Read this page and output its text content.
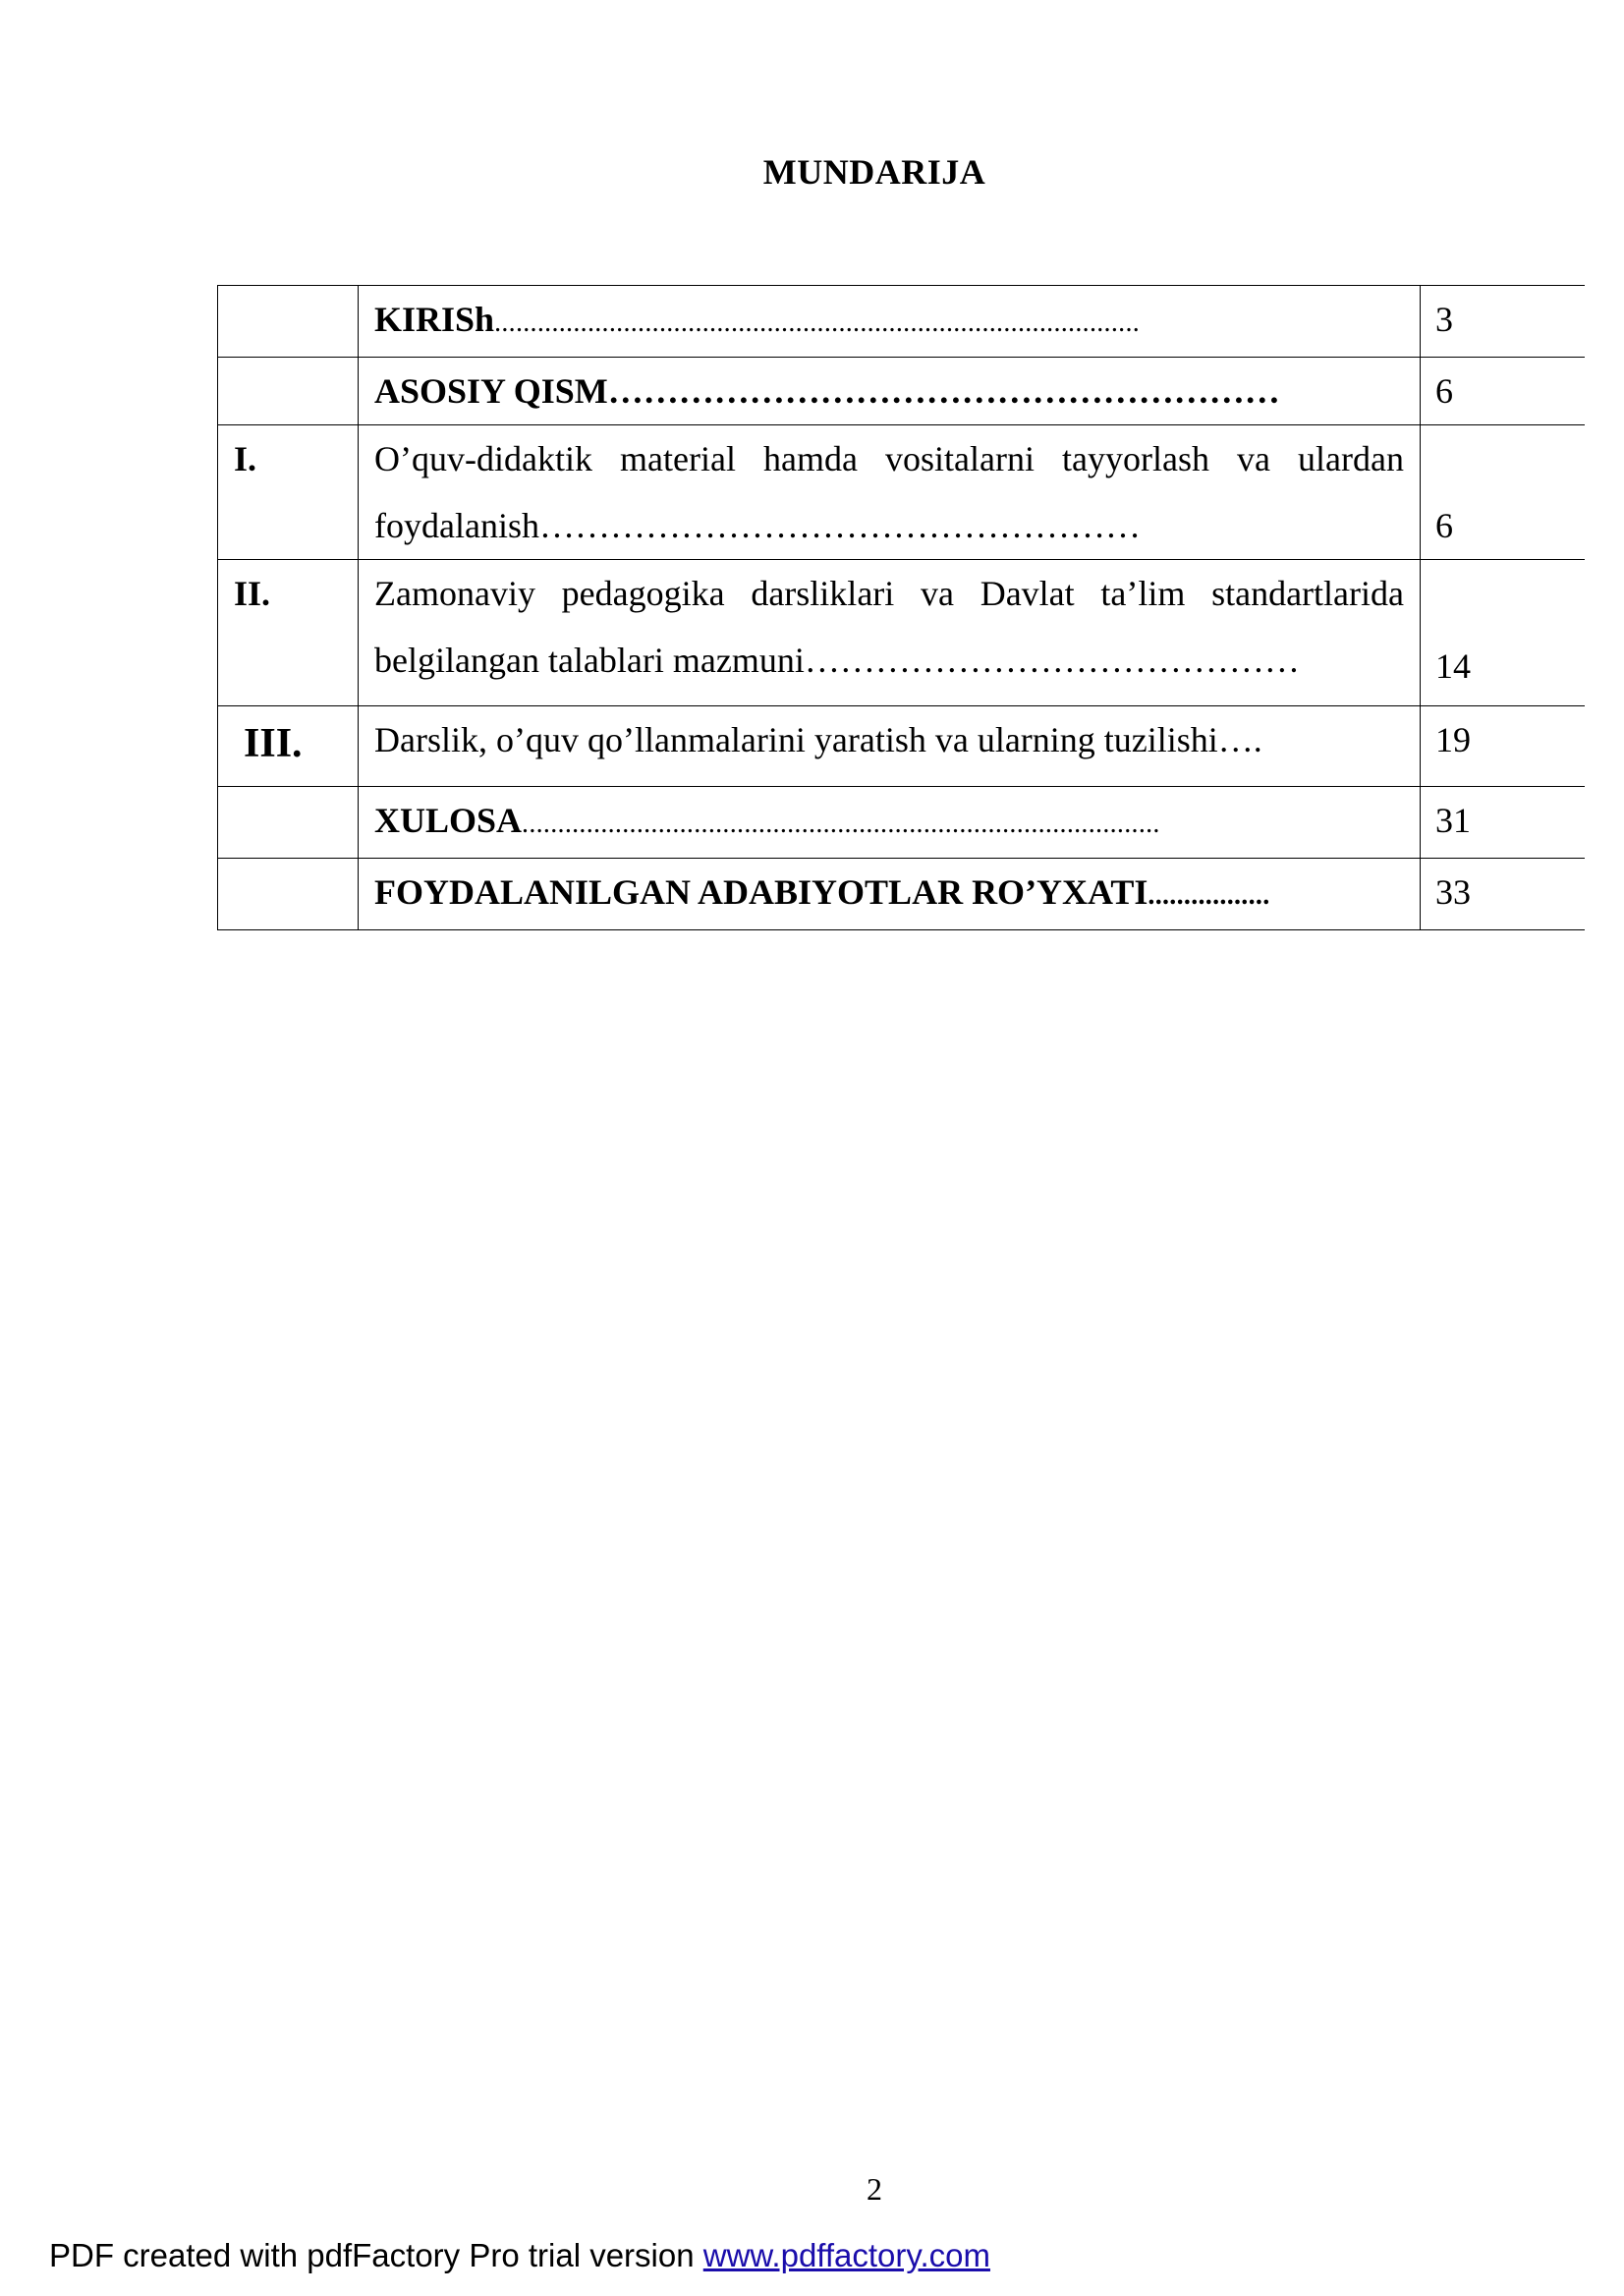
MUNDARIJA
	KIRISh..........................................................................................	3
	ASOSIY QISM…………………………………………………	6
I.	O’quv-didaktik material hamda vositalarni tayyorlash va ulardan foydalanish……………………………………………	6
II.	Zamonaviy pedagogika darsliklari va Davlat ta’lim standartlarida belgilangan talablari mazmuni……………………………………	14
III.	Darslik, o’quv qo’llanmalarini yaratish va ularning tuzilishi….	19
	XULOSA.........................................................................................	31
	FOYDALANILGAN ADABIYOTLAR RO’YXATI.................	33
2
PDF created with pdfFactory Pro trial version www.pdffactory.com
